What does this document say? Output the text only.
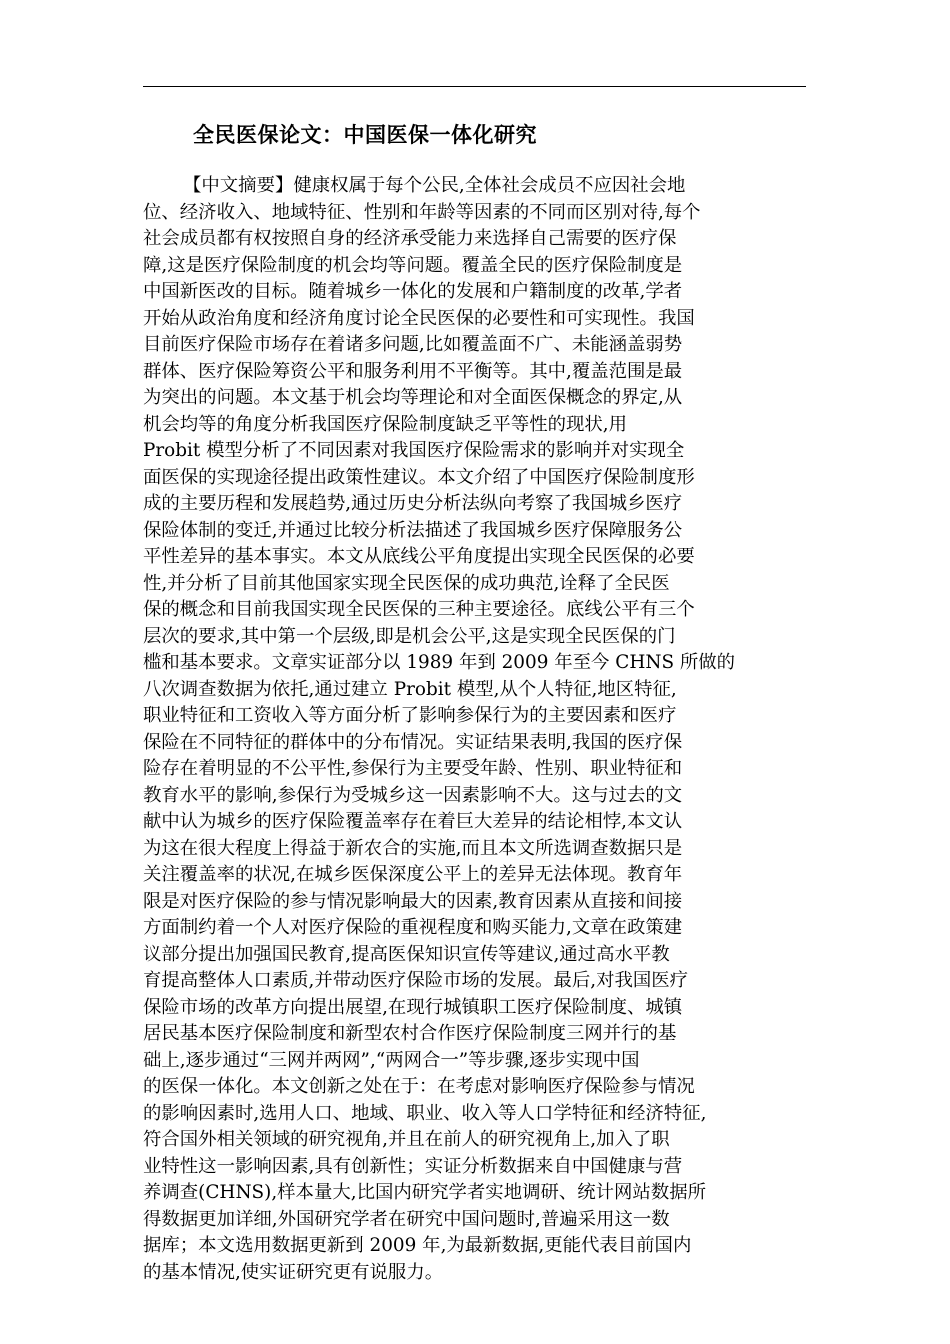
全民医保论文：中国医保一体化研究
【中文摘要】健康权属于每个公民,全体社会成员不应因社会地
位、经济收入、地域特征、性别和年龄等因素的不同而区别对待,每个
社会成员都有权按照自身的经济承受能力来选择自己需要的医疗保
障,这是医疗保险制度的机会均等问题。覆盖全民的医疗保险制度是
中国新医改的目标。随着城乡一体化的发展和户籍制度的改革,学者
开始从政治角度和经济角度讨论全民医保的必要性和可实现性。我国
目前医疗保险市场存在着诸多问题,比如覆盖面不广、未能涵盖弱势
群体、医疗保险筹资公平和服务利用不平衡等。其中,覆盖范围是最
为突出的问题。本文基于机会均等理论和对全面医保概念的界定,从
机会均等的角度分析我国医疗保险制度缺乏平等性的现状,用
Probit 模型分析了不同因素对我国医疗保险需求的影响并对实现全
面医保的实现途径提出政策性建议。本文介绍了中国医疗保险制度形
成的主要历程和发展趋势,通过历史分析法纵向考察了我国城乡医疗
保险体制的变迁,并通过比较分析法描述了我国城乡医疗保障服务公
平性差异的基本事实。本文从底线公平角度提出实现全民医保的必要
性,并分析了目前其他国家实现全民医保的成功典范,诠释了全民医
保的概念和目前我国实现全民医保的三种主要途径。底线公平有三个
层次的要求,其中第一个层级,即是机会公平,这是实现全民医保的门
槛和基本要求。文章实证部分以 1989 年到 2009 年至今 CHNS 所做的
八次调查数据为依托,通过建立 Probit 模型,从个人特征,地区特征,
职业特征和工资收入等方面分析了影响参保行为的主要因素和医疗
保险在不同特征的群体中的分布情况。实证结果表明,我国的医疗保
险存在着明显的不公平性,参保行为主要受年龄、性别、职业特征和
教育水平的影响,参保行为受城乡这一因素影响不大。这与过去的文
献中认为城乡的医疗保险覆盖率存在着巨大差异的结论相悖,本文认
为这在很大程度上得益于新农合的实施,而且本文所选调查数据只是
关注覆盖率的状况,在城乡医保深度公平上的差异无法体现。教育年
限是对医疗保险的参与情况影响最大的因素,教育因素从直接和间接
方面制约着一个人对医疗保险的重视程度和购买能力,文章在政策建
议部分提出加强国民教育,提高医保知识宣传等建议,通过高水平教
育提高整体人口素质,并带动医疗保险市场的发展。最后,对我国医疗
保险市场的改革方向提出展望,在现行城镇职工医疗保险制度、城镇
居民基本医疗保险制度和新型农村合作医疗保险制度三网并行的基
础上,逐步通过“三网并两网”,“两网合一”等步骤,逐步实现中国
的医保一体化。本文创新之处在于：在考虑对影响医疗保险参与情况
的影响因素时,选用人口、地域、职业、收入等人口学特征和经济特征,
符合国外相关领域的研究视角,并且在前人的研究视角上,加入了职
业特性这一影响因素,具有创新性；实证分析数据来自中国健康与营
养调查(CHNS),样本量大,比国内研究学者实地调研、统计网站数据所
得数据更加详细,外国研究学者在研究中国问题时,普遍采用这一数
据库；本文选用数据更新到 2009 年,为最新数据,更能代表目前国内
的基本情况,使实证研究更有说服力。
